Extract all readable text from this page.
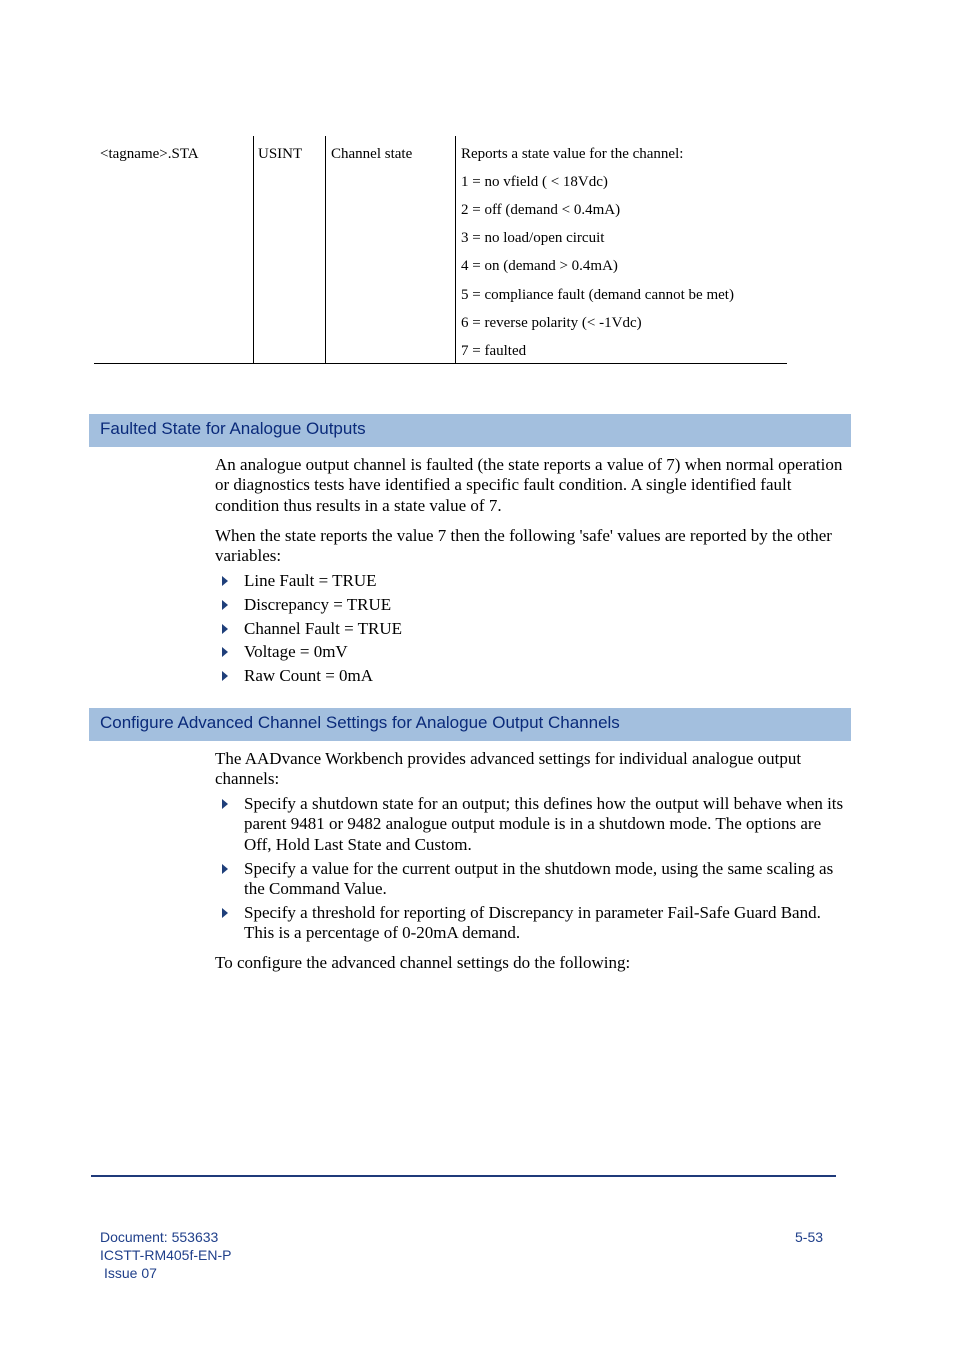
<tagname>.STA	USINT Channel state	Reports a state value for the channel:
1 = no vfield ( < 18Vdc)
2 = off (demand < 0.4mA)
3 = no load/open circuit
4 = on (demand > 0.4mA)
5 = compliance fault (demand cannot be met)
6 = reverse polarity (< -1Vdc)
7 = faulted
Faulted State for Analogue Outputs
An analogue output channel is faulted (the state reports a value of 7) when normal operation or diagnostics tests have identified a specific fault condition. A single identified fault condition thus results in a state value of 7.
When the state reports the value 7 then the following 'safe' values are reported by the other variables:
Line Fault = TRUE
Discrepancy = TRUE
Channel Fault = TRUE
Voltage = 0mV
Raw Count = 0mA
Configure Advanced Channel Settings for Analogue Output Channels
The AADvance Workbench provides advanced settings for individual analogue output channels:
Specify a shutdown state for an output; this defines how the output will behave when its parent 9481 or 9482 analogue output module is in a shutdown mode. The options are Off, Hold Last State and Custom.
Specify a value for the current output in the shutdown mode, using the same scaling as the Command Value.
Specify a threshold for reporting of Discrepancy in parameter Fail-Safe Guard Band. This is a percentage of 0-20mA demand.
To configure the advanced channel settings do the following:
Document: 553633
ICSTT-RM405f-EN-P
Issue 07
5-53
